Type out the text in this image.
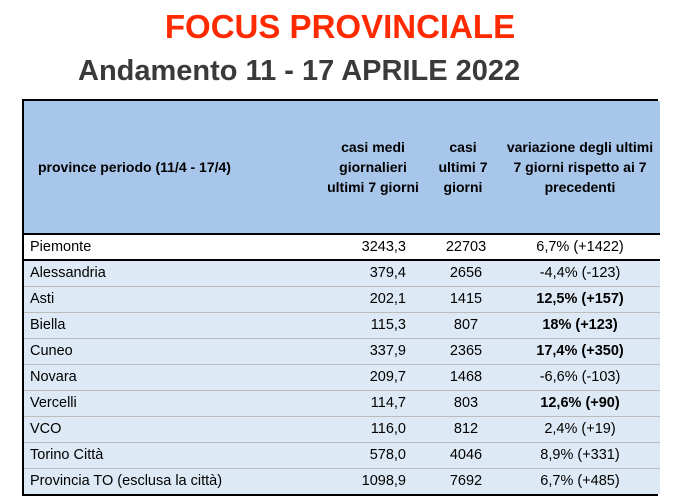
FOCUS PROVINCIALE
Andamento 11 - 17 APRILE 2022
province periodo (11/4 - 17/4)	casi medi giornalieri ultimi 7 giorni	casi ultimi 7 giorni	variazione degli ultimi 7 giorni rispetto ai 7 precedenti
Piemonte	3243,3	22703	6,7% (+1422)
Alessandria	379,4	2656	-4,4% (-123)
Asti	202,1	1415	12,5% (+157)
Biella	115,3	807	18% (+123)
Cuneo	337,9	2365	17,4% (+350)
Novara	209,7	1468	-6,6% (-103)
Vercelli	114,7	803	12,6% (+90)
VCO	116,0	812	2,4% (+19)
Torino Città	578,0	4046	8,9% (+331)
Provincia TO (esclusa la città)	1098,9	7692	6,7% (+485)
